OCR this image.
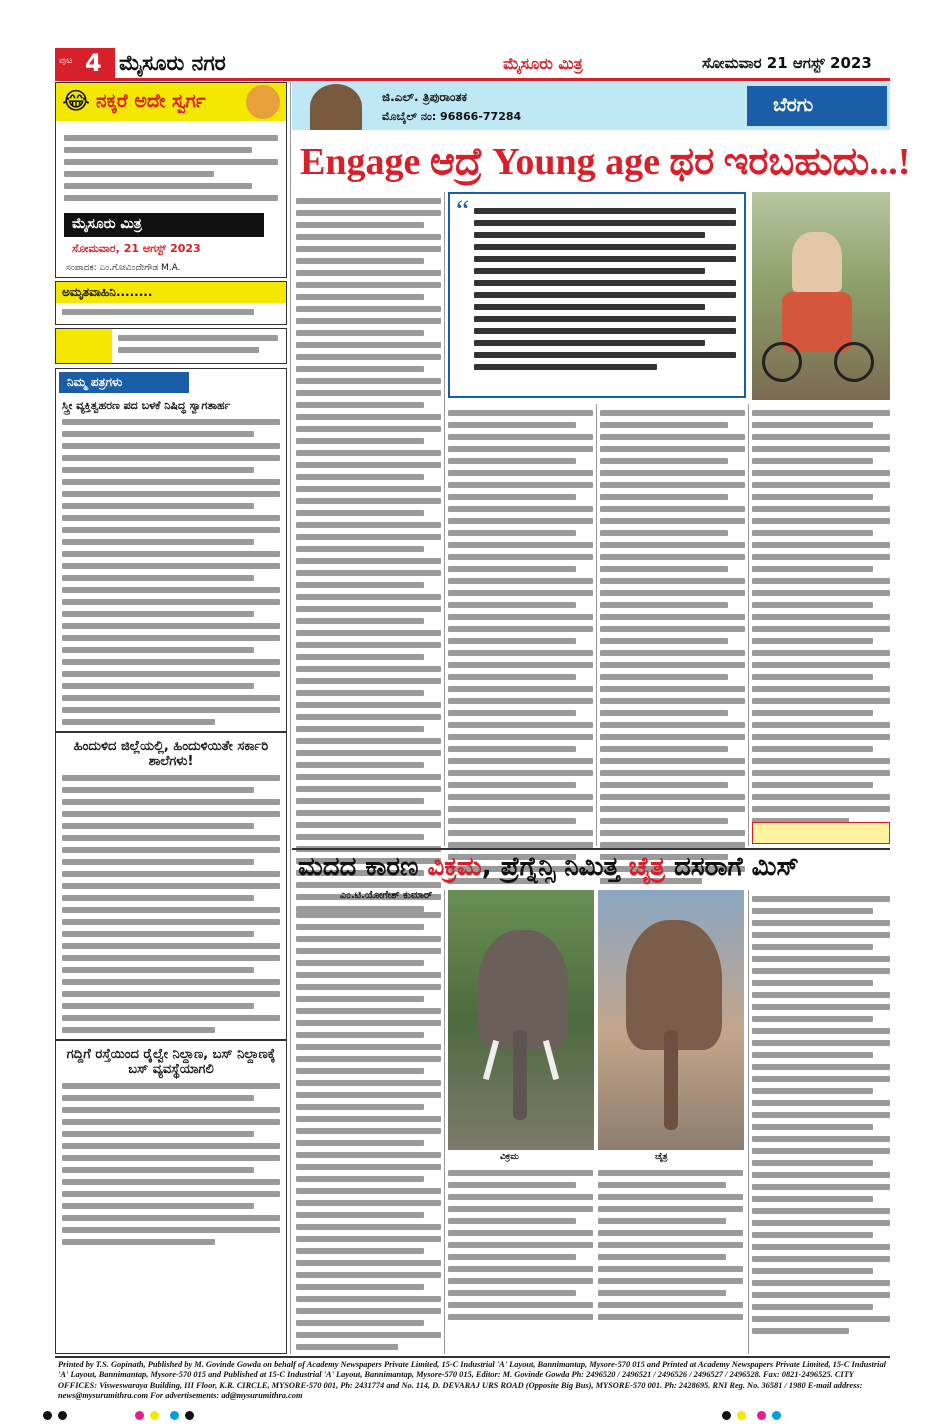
ಪುಟ 4 ಮೈಸೂರು ನಗರ	ಮೈಸೂರು ಮಿತ್ರ	ಸೋಮವಾರ 21 ಆಗಸ್ಟ್ 2023
😂 ನಕ್ಕರೆ ಅದೇ ಸ್ವರ್ಗ
ಮೈಸೂರು ಮಿತ್ರ
ಸೋಮವಾರ, 21 ಆಗಸ್ಟ್ 2023
ಸಂಪಾದಕ: ಎಂ.ಗೋವಿಂದೇಗೌಡ M.A.
ಅಮೃತವಾಹಿನಿ........
ನಿಮ್ಮ ಪತ್ರಗಳು
ಸ್ತ್ರೀ ವ್ಯಕ್ತಿತ್ವಹರಣ ಪದ ಬಳಕೆ ನಿಷಿದ್ಧ ಸ್ವಾಗತಾರ್ಹ
ಹಿಂದುಳಿದ ಜಿಲ್ಲೆಯಲ್ಲಿ, ಹಿಂದುಳಿಯಿತೇ ಸರ್ಕಾರಿ ಶಾಲೆಗಳು!
ಗದ್ದಿಗೆ ರಸ್ತೆಯಿಂದ ರೈಲ್ವೇ ನಿಲ್ದಾಣ, ಬಸ್ ನಿಲ್ದಾಣಕ್ಕೆ ಬಸ್ ವ್ಯವಸ್ಥೆಯಾಗಲಿ
ಜಿ.ಎಲ್. ತ್ರಿಪುರಾಂತಕ
ಮೊಬೈಲ್ ನಂ: 96866-77284
ಬೆರಗು
Engage ಆದ್ರೆ Young age ಥರ ಇರಬಹುದು...!
“
ಮದದ ಕಾರಣ ವಿಕ್ರಮ, ಪ್ರೆಗ್ನೆನ್ಸಿ ನಿಮಿತ್ತ ಚೈತ್ರ ದಸರಾಗೆ ಮಿಸ್
ಎಂ.ಟಿ.ಯೋಗೇಶ್ ಕುಮಾರ್
ವಿಕ್ರಮ	ಚೈತ್ರ
Printed by T.S. Gopinath, Published by M. Govinde Gowda on behalf of Academy Newspapers Private Limited, 15-C Industrial 'A' Layout, Bannimantap, Mysore-570 015 and Printed at Academy Newspapers Private Limited, 15-C Industrial 'A' Layout, Bannimantap, Mysore-570 015 and Published at 15-C Industrial 'A' Layout, Bannimantap, Mysore-570 015, Editor: M. Govinde Gowda Ph: 2496520 / 2496521 / 2496526 / 2496527 / 2496528. Fax: 0821-2496525. CITY OFFICES: Visweswaraya Building, III Floor, K.R. CIRCLE, MYSORE-570 001, Ph: 2431774 and No. 114, D. DEVARAJ URS ROAD (Opposite Big Bus), MYSORE-570 001. Ph: 2428695. RNI Reg. No. 36581 / 1980 E-mail address: news@mysurumithra.com For advertisements: ad@mysurumithra.com
